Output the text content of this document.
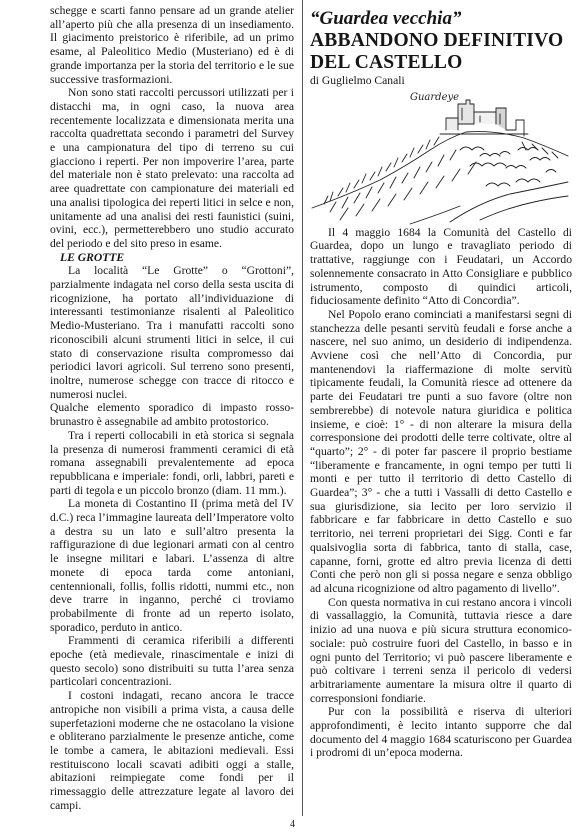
schegge e scarti fanno pensare ad un grande atelier all’aperto più che alla presenza di un insediamento. Il giacimento preistorico è riferibile, ad un primo esame, al Paleolitico Medio (Musteriano) ed è di grande importanza per la storia del territorio e le sue successive trasformazioni.

Non sono stati raccolti percussori utilizzati per i distacchi ma, in ogni caso, la nuova area recentemente localizzata e dimensionata merita una raccolta quadrettata secondo i parametri del Survey e una campionatura del tipo di terreno su cui giacciono i reperti. Per non impoverire l’area, parte del materiale non è stato prelevato: una raccolta ad aree quadrettate con campionature dei materiali ed una analisi tipologica dei reperti litici in selce e non, unitamente ad una analisi dei resti faunistici (suini, ovini, ecc.), permetterebbero uno studio accurato del periodo e del sito preso in esame.

LE GROTTE

La località “Le Grotte” o “Grottoni”, parzialmente indagata nel corso della sesta uscita di ricognizione, ha portato all’individuazione di interessanti testimonianze risalenti al Paleolitico Medio-Musteriano. Tra i manufatti raccolti sono riconoscibili alcuni strumenti litici in selce, il cui stato di conservazione risulta compromesso dai periodici lavori agricoli. Sul terreno sono presenti, inoltre, numerose schegge con tracce di ritocco e numerosi nuclei.

Qualche elemento sporadico di impasto rosso-brunastro è assegnabile ad ambito protostorico.

Tra i reperti collocabili in età storica si segnala la presenza di numerosi frammenti ceramici di età romana assegnabili prevalentemente ad epoca repubblicana e imperiale: fondi, orli, labbri, pareti e parti di tegola e un piccolo bronzo (diam. 11 mm.).

La moneta di Costantino II (prima metà del IV d.C.) reca l’immagine laureata dell’Imperatore volto a destra su un lato e sull’altro presenta la raffigurazione di due legionari armati con al centro le insegne militari e labari. L’assenza di altre monete di epoca tarda come antoniani, centennionali, follis, follis ridotti, nummi etc., non deve trarre in inganno, perché ci troviamo probabilmente di fronte ad un reperto isolato, sporadico, perduto in antico.

Frammenti di ceramica riferibili a differenti epoche (età medievale, rinascimentale e inizi di questo secolo) sono distribuiti su tutta l’area senza particolari concentrazioni.

I costoni indagati, recano ancora le tracce antropiche non visibili a prima vista, a causa delle superfetazioni moderne che ne ostacolano la visione e obliterano parzialmente le presenze antiche, come le tombe a camera, le abitazioni medievali. Essi restituiscono locali scavati adibiti oggi a stalle, abitazioni reimpiegate come fondi per il rimessaggio delle attrezzature legate al lavoro dei campi.

“Guardea vecchia”

ABBANDONO DEFINITIVO

DEL CASTELLO

di Guglielmo Canali

Guardeye

Il 4 maggio 1684 la Comunità del Castello di Guardea, dopo un lungo e travagliato periodo di trattative, raggiunge con i Feudatari, un Accordo solennemente consacrato in Atto Consigliare e pubblico istrumento, composto di quindici articoli, fiduciosamente definito “Atto di Concordia”.

Nel Popolo erano cominciati a manifestarsi segni di stanchezza delle pesanti servitù feudali e forse anche a nascere, nel suo animo, un desiderio di indipendenza. Avviene così che nell’Atto di Concordia, pur mantenendovi la riaffermazione di molte servitù tipicamente feudali, la Comunità riesce ad ottenere da parte dei Feudatari tre punti a suo favore (oltre non sembrerebbe) di notevole natura giuridica e politica insieme, e cioè: 1° - di non alterare la misura della corresponsione dei prodotti delle terre coltivate, oltre al “quarto”; 2° - di poter far pascere il proprio bestiame “liberamente e francamente, in ogni tempo per tutti li monti e per tutto il territorio di detto Castello di Guardea”; 3° - che a tutti i Vassalli di detto Castello e sua giurisdizione, sia lecito per loro servizio il fabbricare e far fabbricare in detto Castello e suo territorio, nei terreni proprietari dei Sigg. Conti e far qualsivoglia sorta di fabbrica, tanto di stalla, case, capanne, forni, grotte ed altro previa licenza di detti Conti che però non gli si possa negare e senza obbligo ad alcuna ricognizione od altro pagamento di livello”.

Con questa normativa in cui restano ancora i vincoli di vassallaggio, la Comunità, tuttavia riesce a dare inizio ad una nuova e più sicura struttura economico-sociale: può costruire fuori del Castello, in basso e in ogni punto del Territorio; vi può pascere liberamente e può coltivare i terreni senza il pericolo di vedersi arbitrariamente aumentare la misura oltre il quarto di corresponsioni fondiarie.

Pur con la possibilità e riserva di ulteriori approfondimenti, è lecito intanto supporre che dal documento del 4 maggio 1684 scaturiscono per Guardea i prodromi di un’epoca moderna.

4
